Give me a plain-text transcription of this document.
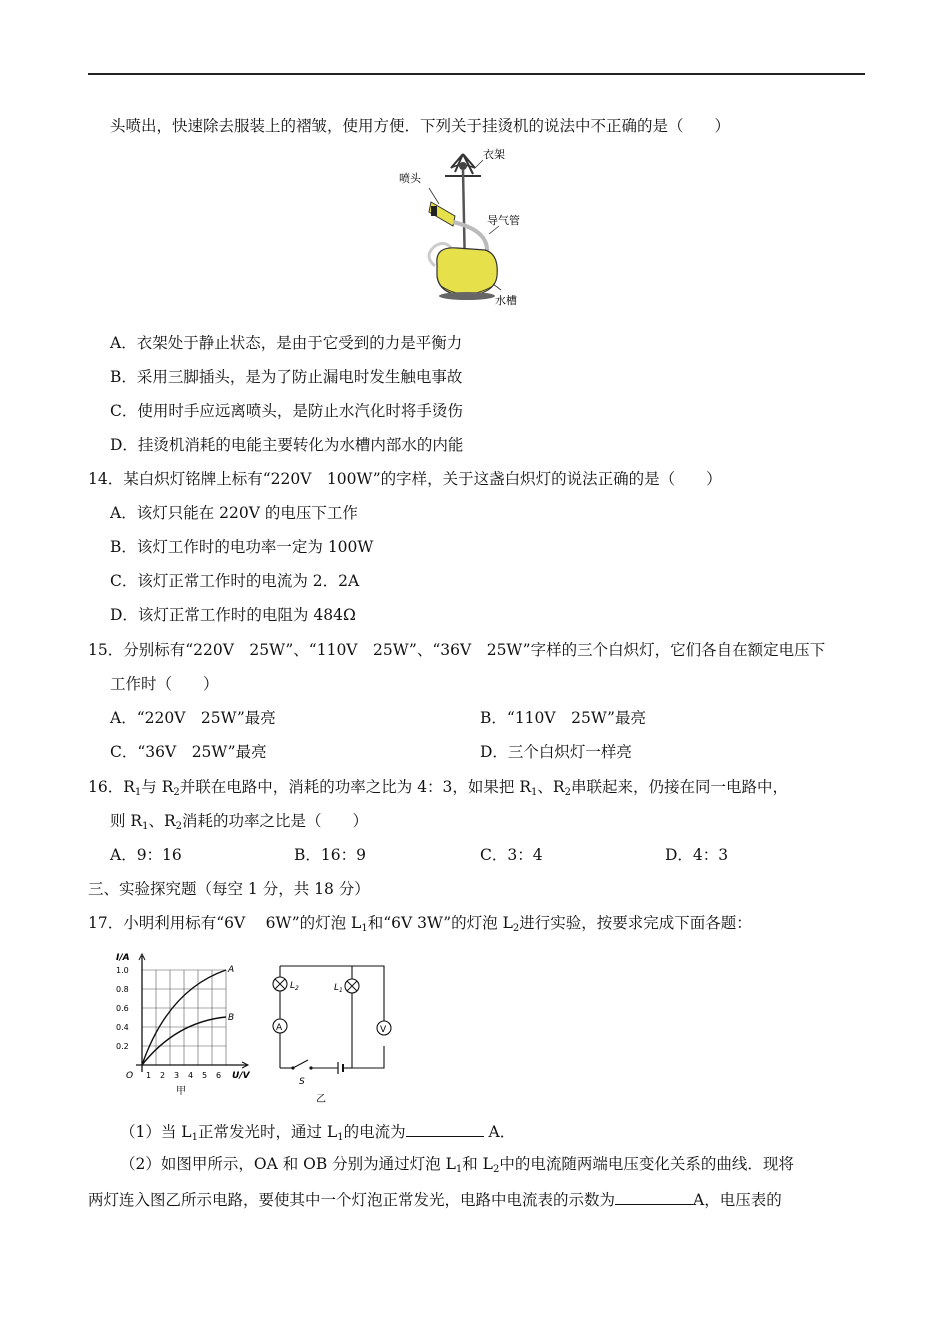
头喷出，快速除去服装上的褶皱，使用方便．下列关于挂烫机的说法中不正确的是（　　）
喷头
衣架
导气管
水槽
A．衣架处于静止状态，是由于它受到的力是平衡力
B．采用三脚插头，是为了防止漏电时发生触电事故
C．使用时手应远离喷头，是防止水汽化时将手烫伤
D．挂烫机消耗的电能主要转化为水槽内部水的内能
14．某白炽灯铭牌上标有“220V　100W”的字样，关于这盏白炽灯的说法正确的是（　　）
A．该灯只能在 220V 的电压下工作
B．该灯工作时的电功率一定为 100W
C．该灯正常工作时的电流为 2．2A
D．该灯正常工作时的电阻为 484Ω
15．分别标有“220V　25W”、“110V　25W”、“36V　25W”字样的三个白炽灯，它们各自在额定电压下
工作时（　　）
A．“220V　25W”最亮	B．“110V　25W”最亮
C．“36V　25W”最亮	D．三个白炽灯一样亮
16．$R_1$与 $R_2$并联在电路中，消耗的功率之比为 4：3，如果把 $R_1$、$R_2$串联起来，仍接在同一电路中，
则 $R_1$、$R_2$消耗的功率之比是（　　）
A．9：16	B．16：9	C．3：4	D．4：3
三、实验探究题（每空 1 分，共 18 分）
17．小明利用标有“6V　 6W”的灯泡 $L_1$和“6V 3W”的灯泡 $L_2$进行实验，按要求完成下面各题：
I/A
1.0
0.8
0.6
0.4
0.2
O 1 2 3 4 5 6 U/V
A
B
甲
A	V
$L_2$	$L_1$
S
乙
（1）当 $L_1$正常发光时，通过 $L_1$的电流为	A．
（2）如图甲所示，OA 和 OB 分别为通过灯泡 $L_1$和 $L_2$中的电流随两端电压变化关系的曲线．现将
两灯连入图乙所示电路，要使其中一个灯泡正常发光，电路中电流表的示数为	A，电压表的
